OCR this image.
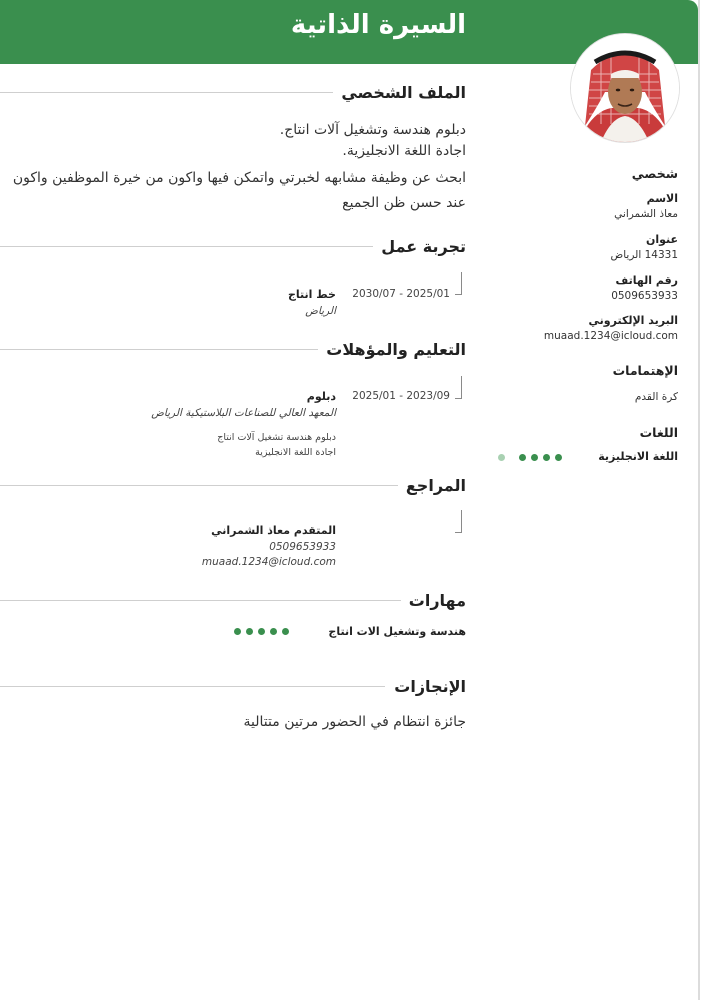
السيرة الذاتية
شخصي
الاسم
معاذ الشمراني
عنوان
14331 الرياض
رقم الهاتف
0509653933
البريد الإلكتروني
muaad.1234@icloud.com
الإهتمامات
كرة القدم
اللغات
اللغة الانجليزية
الملف الشخصي
دبلوم هندسة وتشغيل آلات انتاج.
اجادة اللغة الانجليزية.
ابحث عن وظيفة مشابهه لخبرتي واتمكن فيها واكون من خيرة الموظفين واكون
عند حسن ظن الجميع
تجربة عمل
2030/07 - 2025/01
خط انتاج
الرياض
التعليم والمؤهلات
2025/01 - 2023/09
دبلوم
المعهد العالي للصناعات البلاستيكية الرياض
دبلوم هندسة تشغيل آلات انتاج
اجادة اللغة الانجليزية
المراجع
المتقدم معاذ الشمراني
0509653933
muaad.1234@icloud.com
مهارات
هندسة وتشغيل الات انتاج
الإنجازات
جائزة انتظام في الحضور مرتين متتالية
